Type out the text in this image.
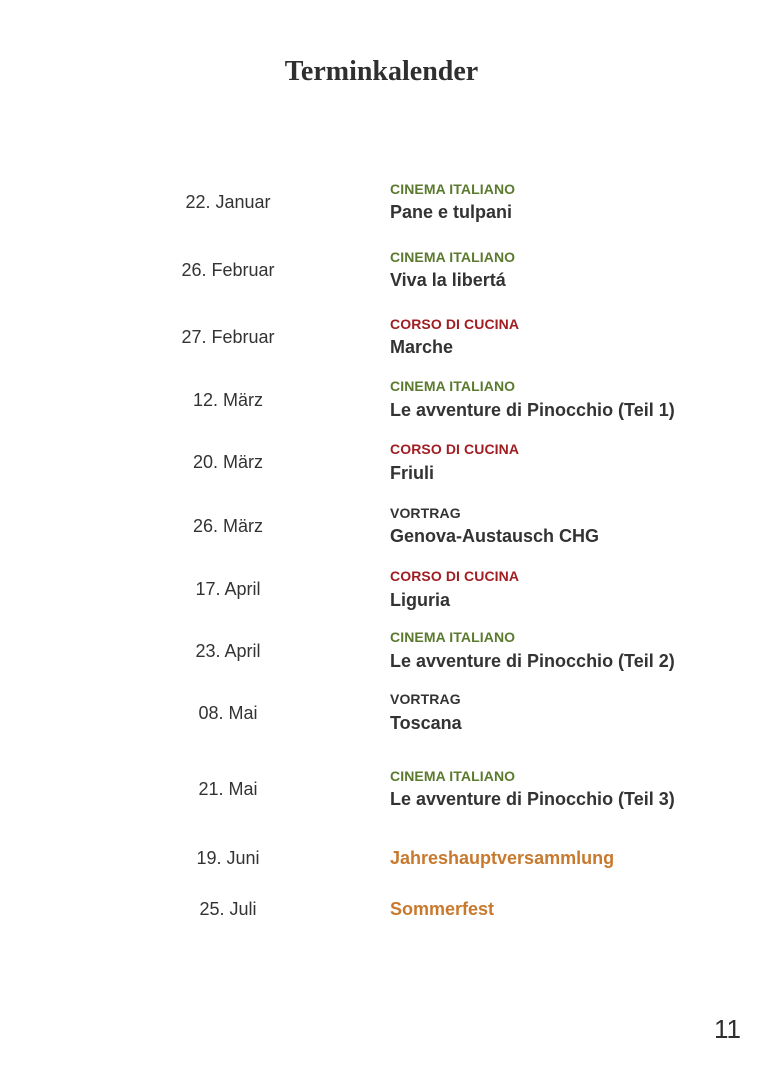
Terminkalender
22. Januar
CINEMA ITALIANO
Pane e tulpani
26. Februar
CINEMA ITALIANO
Viva la libertá
27. Februar
CORSO DI CUCINA
Marche
12. März
CINEMA ITALIANO
Le avventure di Pinocchio (Teil 1)
20. März
CORSO DI CUCINA
Friuli
26. März
VORTRAG
Genova-Austausch CHG
17. April
CORSO DI CUCINA
Liguria
23. April
CINEMA ITALIANO
Le avventure di Pinocchio (Teil 2)
08. Mai
VORTRAG
Toscana
21. Mai
CINEMA ITALIANO
Le avventure di Pinocchio (Teil 3)
19. Juni	Jahreshauptversammlung
25. Juli	Sommerfest
11
